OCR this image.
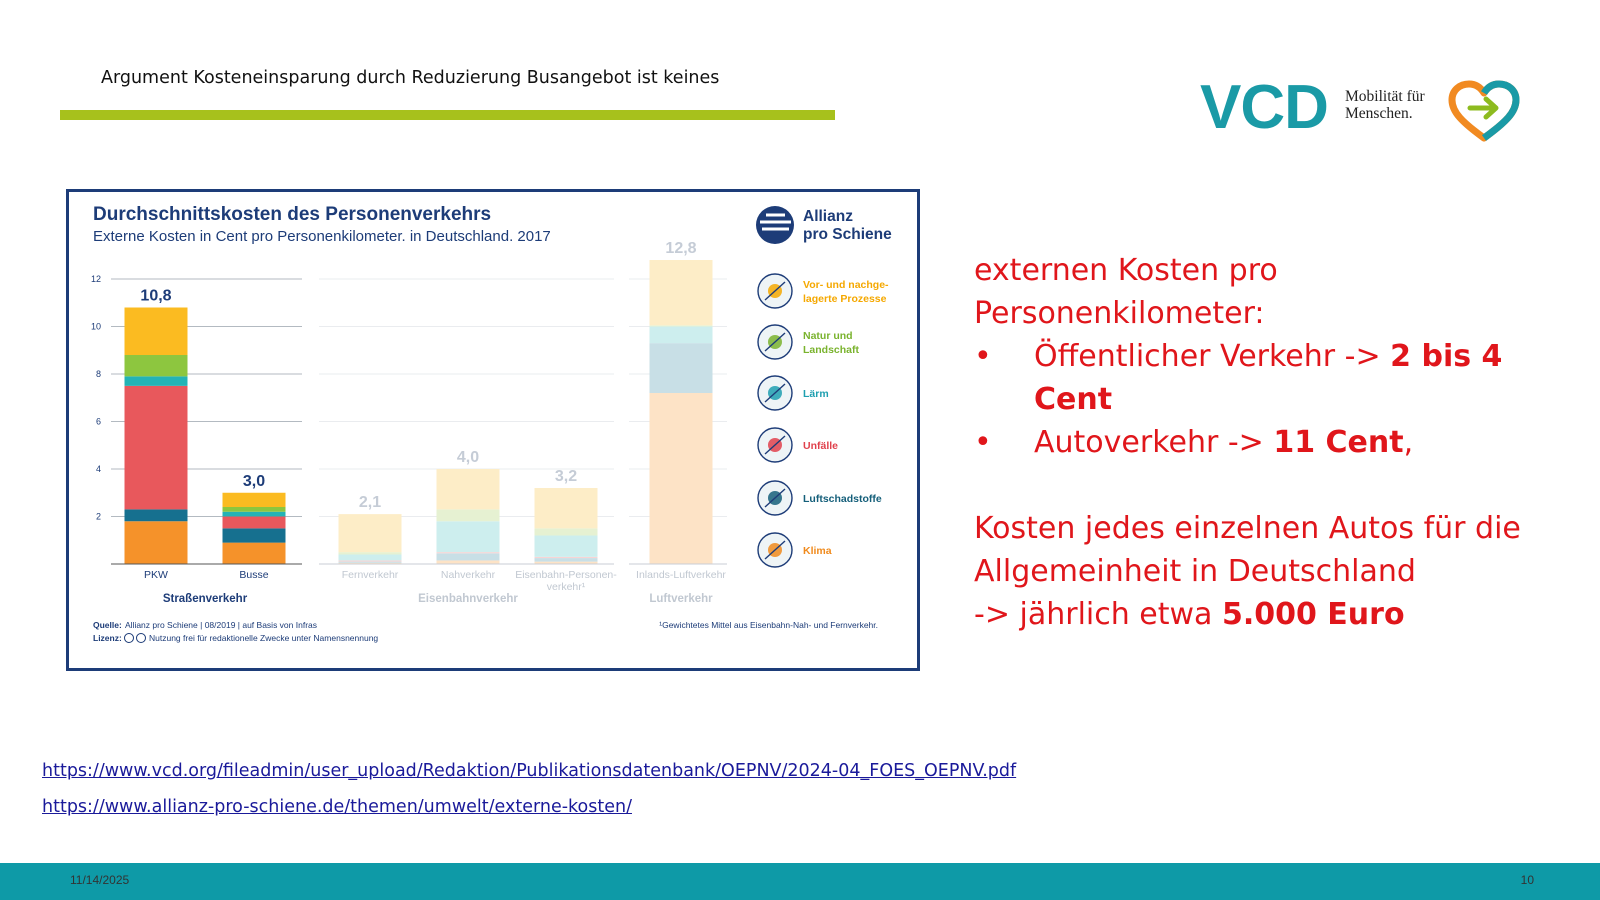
Argument Kosteneinsparung durch Reduzierung Busangebot ist keines	VCD Mobilität für
Menschen.
Durchschnittskosten des Personenverkehrs
Externe Kosten in Cent pro Personenkilometer. in Deutschland. 2017
Allianz
pro Schiene
12
10
8
6
4
2
10,8
3,0
2,1
4,0
3,2
12,8
PKW	Busse	Fernverkehr	Nahverkehr Eisenbahn-Personen-
verkehr¹
Inlands-Luftverkehr
Straßenverkehr	Eisenbahnverkehr	Luftverkehr
Vor- und nachge-
lagerte Prozesse
Natur und
Landschaft
Lärm
Unfälle
Luftschadstoffe
Klima
Quelle: Allianz pro Schiene | 08/2019 | auf Basis von Infras
Lizenz:	Nutzung frei für redaktionelle Zwecke unter Namensnennung
¹Gewichtetes Mittel aus Eisenbahn-Nah- und Fernverkehr.

externen Kosten pro

Personenkilometer:

• Öffentlicher Verkehr -> 2 bis 4
Cent
• Autoverkehr -> 11 Cent,

Kosten jedes einzelnen Autos für die

Allgemeinheit in Deutschland

-> jährlich etwa 5.000 Euro

https://www.vcd.org/fileadmin/user_upload/Redaktion/Publikationsdatenbank/OEPNV/2024-04_FOES_OEPNV.pdf
https://www.allianz-pro-schiene.de/themen/umwelt/externe-kosten/
11/14/2025	10
